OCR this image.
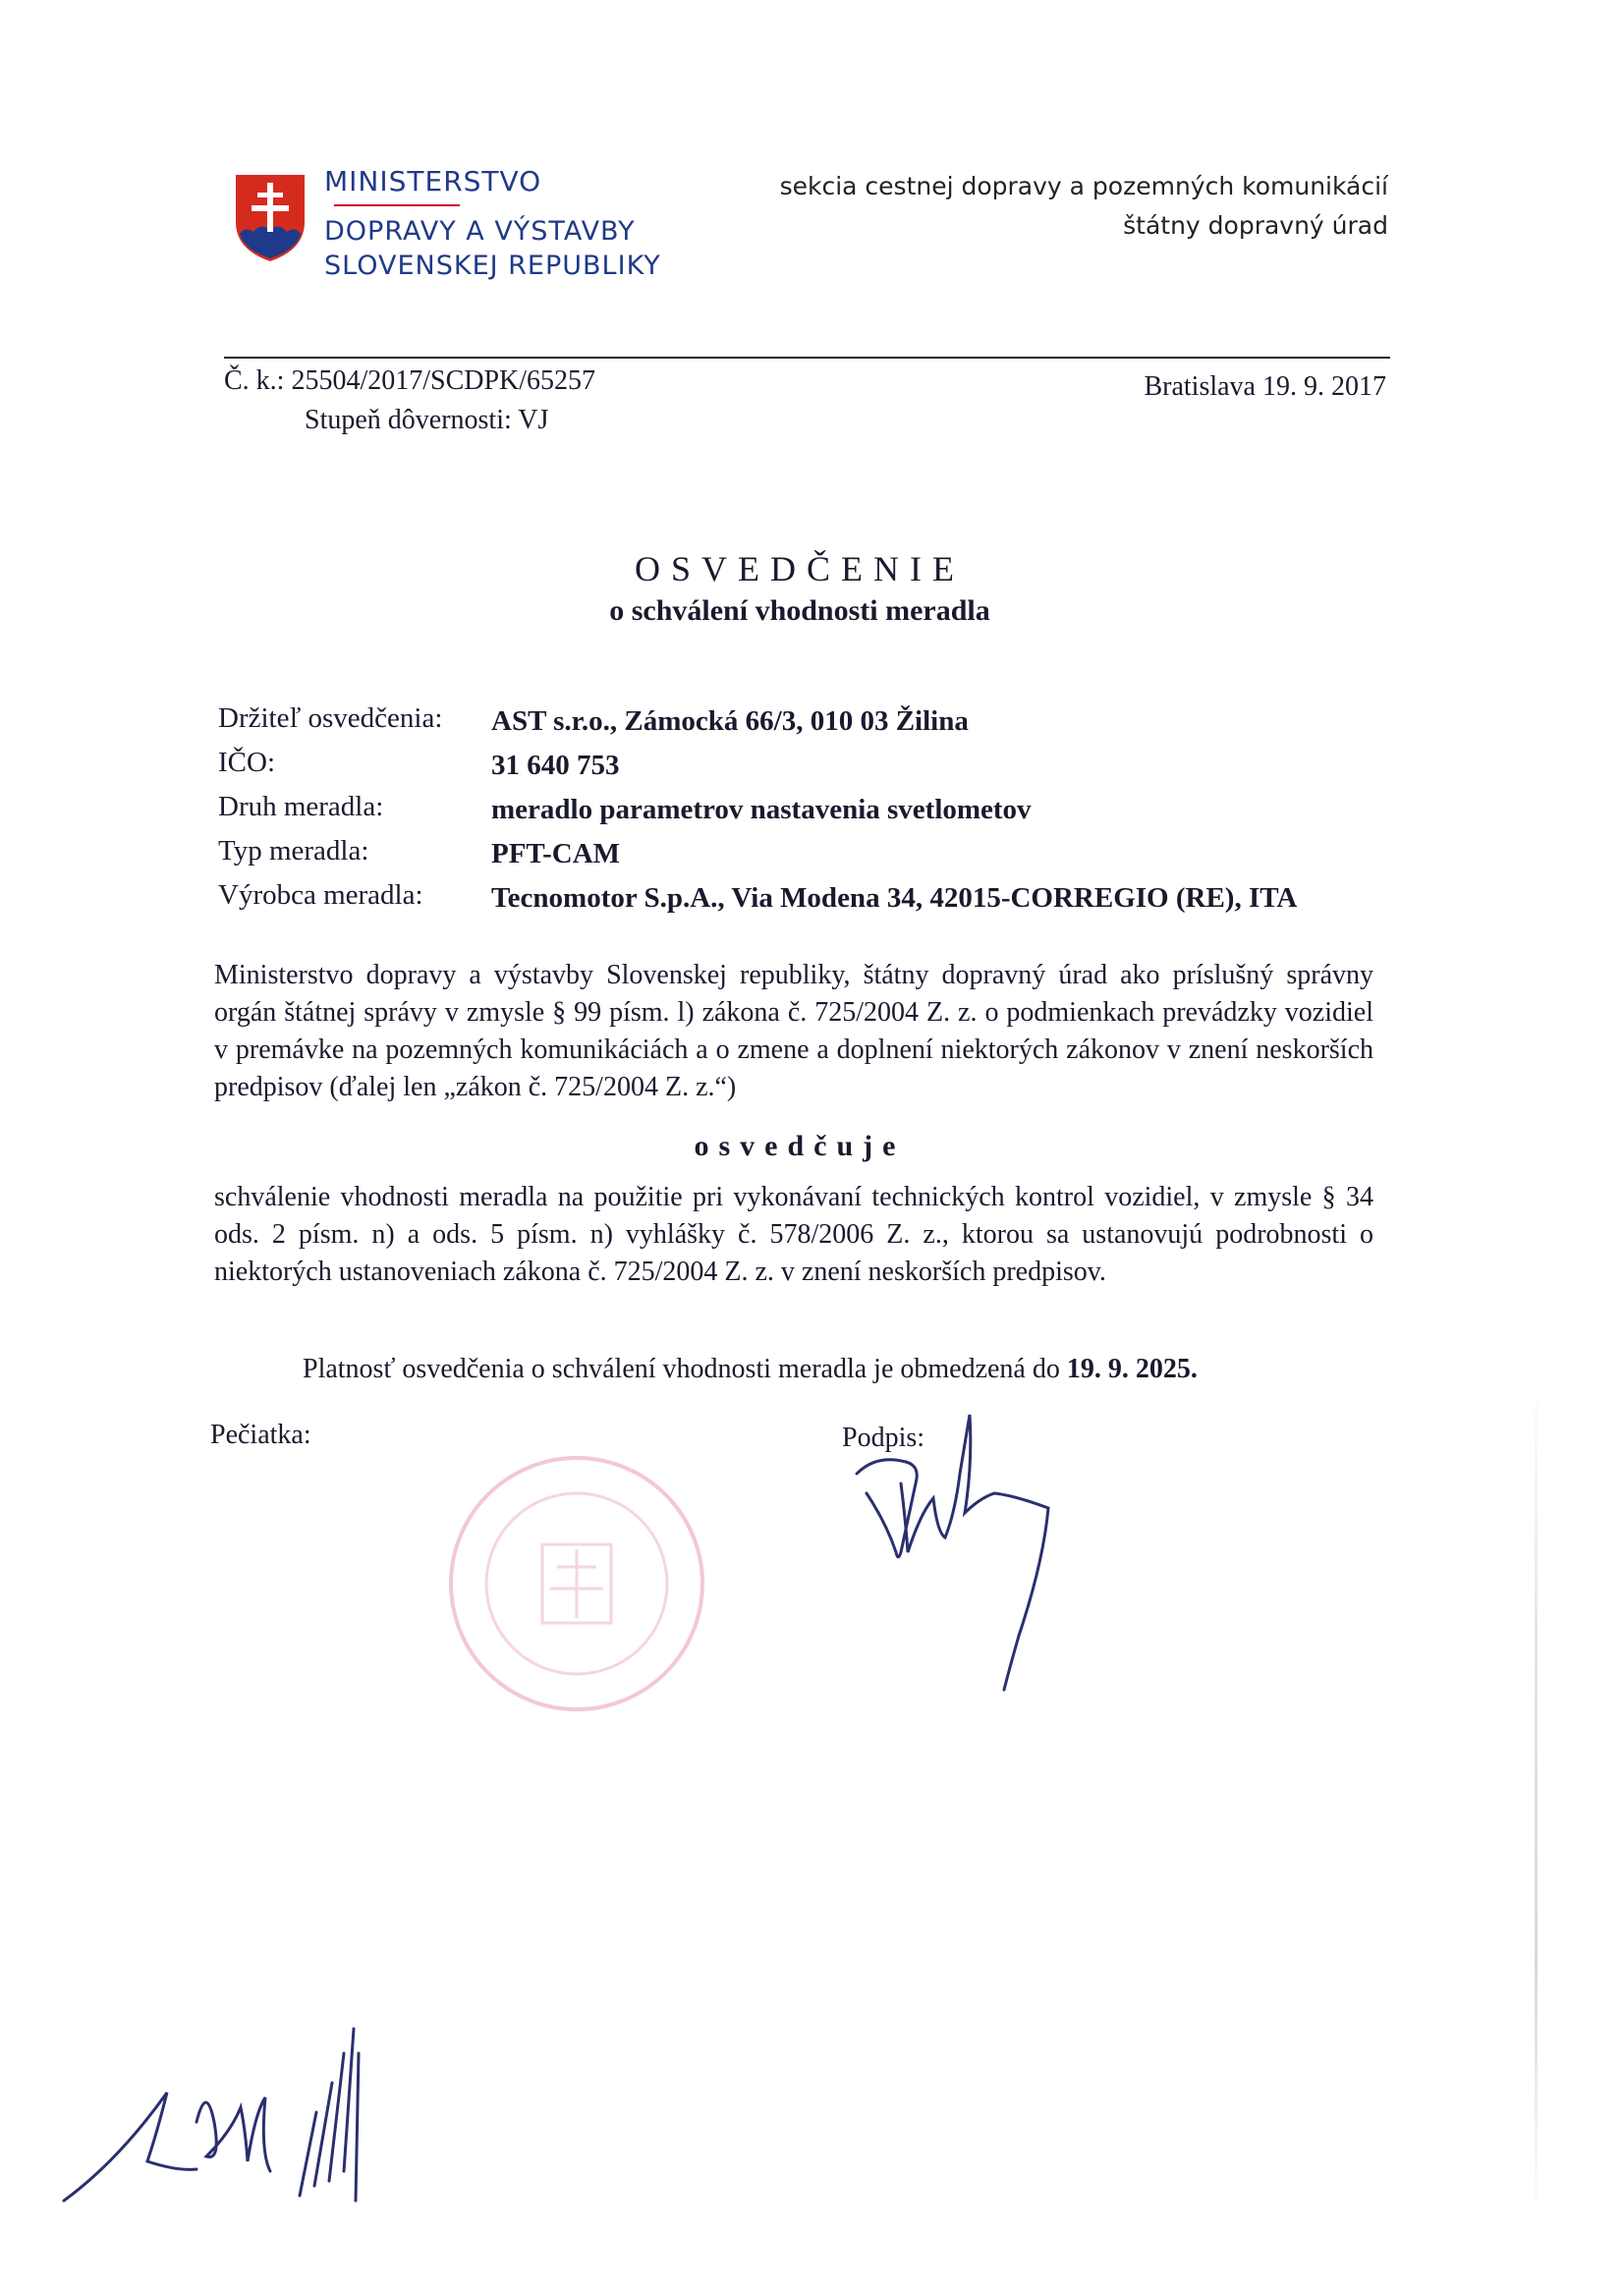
MINISTERSTVO
DOPRAVY A VÝSTAVBY
SLOVENSKEJ REPUBLIKY
sekcia cestnej dopravy a pozemných komunikácií
štátny dopravný úrad
Č. k.: 25504/2017/SCDPK/65257
Stupeň dôvernosti: VJ
Bratislava 19. 9. 2017
OSVEDČENIE
o schválení vhodnosti meradla
Držiteľ osvedčenia: AST s.r.o., Zámocká 66/3, 010 03 Žilina
IČO:	31 640 753
Druh meradla:	meradlo parametrov nastavenia svetlometov
Typ meradla:	PFT-CAM
Výrobca meradla: Tecnomotor S.p.A., Via Modena 34, 42015-CORREGIO (RE), ITA
Ministerstvo dopravy a výstavby Slovenskej republiky, štátny dopravný úrad ako príslušný správny orgán štátnej správy v zmysle § 99 písm. l) zákona č. 725/2004 Z. z. o podmienkach prevádzky vozidiel v premávke na pozemných komunikáciách a o zmene a doplnení niektorých zákonov v znení neskorších predpisov (ďalej len „zákon č. 725/2004 Z. z.“)
osvedčuje
schválenie vhodnosti meradla na použitie pri vykonávaní technických kontrol vozidiel, v zmysle § 34 ods. 2 písm. n) a ods. 5 písm. n) vyhlášky č. 578/2006 Z. z., ktorou sa ustanovujú podrobnosti o niektorých ustanoveniach zákona č. 725/2004 Z. z. v znení neskorších predpisov.
Platnosť osvedčenia o schválení vhodnosti meradla je obmedzená do 19. 9. 2025.
Pečiatka:	Podpis:
